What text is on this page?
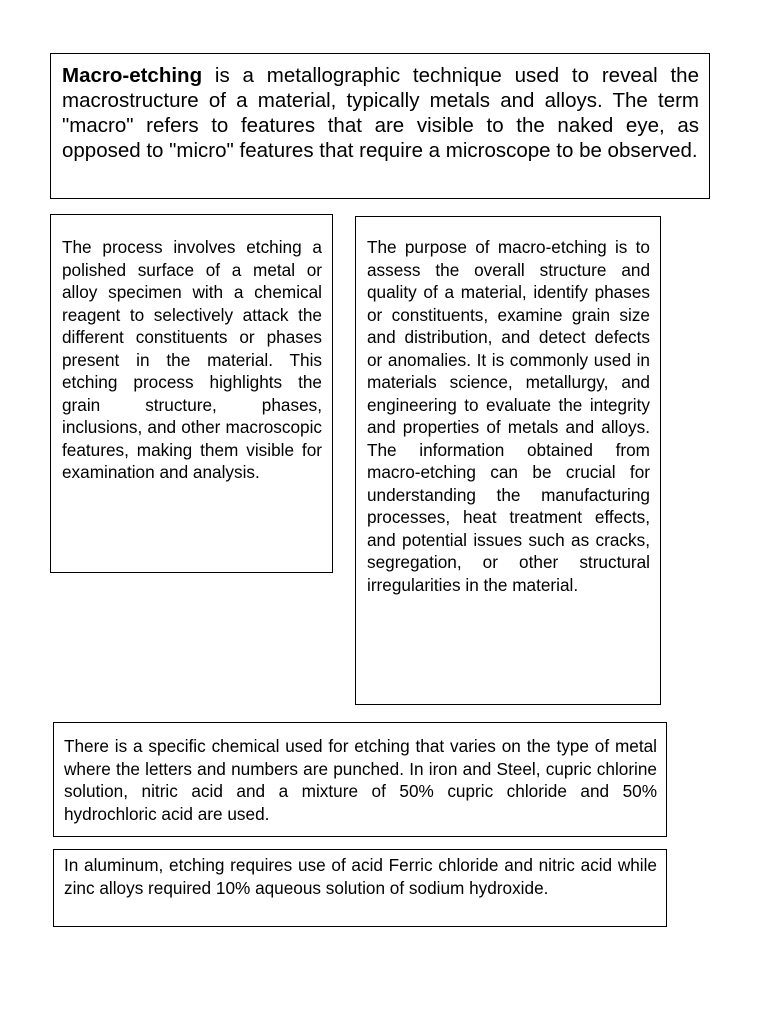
Macro-etching is a metallographic technique used to reveal the macrostructure of a material, typically metals and alloys. The term "macro" refers to features that are visible to the naked eye, as opposed to "micro" features that require a microscope to be observed.

The process involves etching a polished surface of a metal or alloy specimen with a chemical reagent to selectively attack the different constituents or phases present in the material. This etching process highlights the grain structure, phases, inclusions, and other macroscopic features, making them visible for examination and analysis.

The purpose of macro-etching is to assess the overall structure and quality of a material, identify phases or constituents, examine grain size and distribution, and detect defects or anomalies. It is commonly used in materials science, metallurgy, and engineering to evaluate the integrity and properties of metals and alloys. The information obtained from macro-etching can be crucial for understanding the manufacturing processes, heat treatment effects, and potential issues such as cracks, segregation, or other structural irregularities in the material.

There is a specific chemical used for etching that varies on the type of metal where the letters and numbers are punched. In iron and Steel, cupric chlorine solution, nitric acid and a mixture of 50% cupric chloride and 50% hydrochloric acid are used.

In aluminum, etching requires use of acid Ferric chloride and nitric acid while zinc alloys required 10% aqueous solution of sodium hydroxide.
